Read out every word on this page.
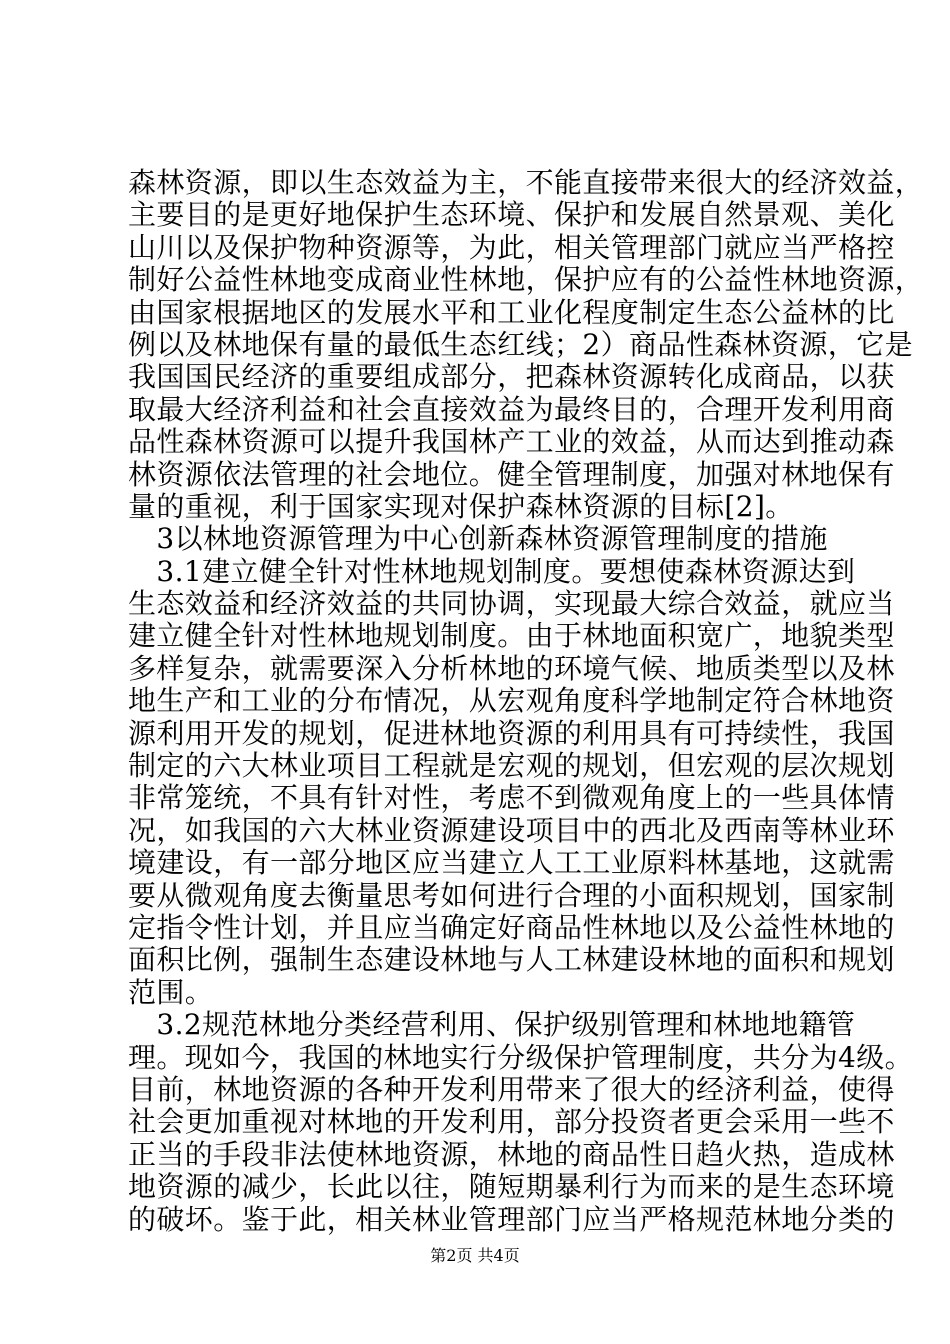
森林资源，即以生态效益为主，不能直接带来很大的经济效益，
主要目的是更好地保护生态环境、保护和发展自然景观、美化
山川以及保护物种资源等，为此，相关管理部门就应当严格控
制好公益性林地变成商业性林地，保护应有的公益性林地资源，
由国家根据地区的发展水平和工业化程度制定生态公益林的比
例以及林地保有量的最低生态红线；2）商品性森林资源，它是
我国国民经济的重要组成部分，把森林资源转化成商品，以获
取最大经济利益和社会直接效益为最终目的，合理开发利用商
品性森林资源可以提升我国林产工业的效益，从而达到推动森
林资源依法管理的社会地位。健全管理制度，加强对林地保有
量的重视，利于国家实现对保护森林资源的目标[2]。
　3以林地资源管理为中心创新森林资源管理制度的措施
　3.1建立健全针对性林地规划制度。要想使森林资源达到
生态效益和经济效益的共同协调，实现最大综合效益，就应当
建立健全针对性林地规划制度。由于林地面积宽广，地貌类型
多样复杂，就需要深入分析林地的环境气候、地质类型以及林
地生产和工业的分布情况，从宏观角度科学地制定符合林地资
源利用开发的规划，促进林地资源的利用具有可持续性，我国
制定的六大林业项目工程就是宏观的规划，但宏观的层次规划
非常笼统，不具有针对性，考虑不到微观角度上的一些具体情
况，如我国的六大林业资源建设项目中的西北及西南等林业环
境建设，有一部分地区应当建立人工工业原料林基地，这就需
要从微观角度去衡量思考如何进行合理的小面积规划，国家制
定指令性计划，并且应当确定好商品性林地以及公益性林地的
面积比例，强制生态建设林地与人工林建设林地的面积和规划
范围。
　3.2规范林地分类经营利用、保护级别管理和林地地籍管
理。现如今，我国的林地实行分级保护管理制度，共分为4级。
目前，林地资源的各种开发利用带来了很大的经济利益，使得
社会更加重视对林地的开发利用，部分投资者更会采用一些不
正当的手段非法使林地资源，林地的商品性日趋火热，造成林
地资源的减少，长此以往，随短期暴利行为而来的是生态环境
的破坏。鉴于此，相关林业管理部门应当严格规范林地分类的
第2页 共4页
